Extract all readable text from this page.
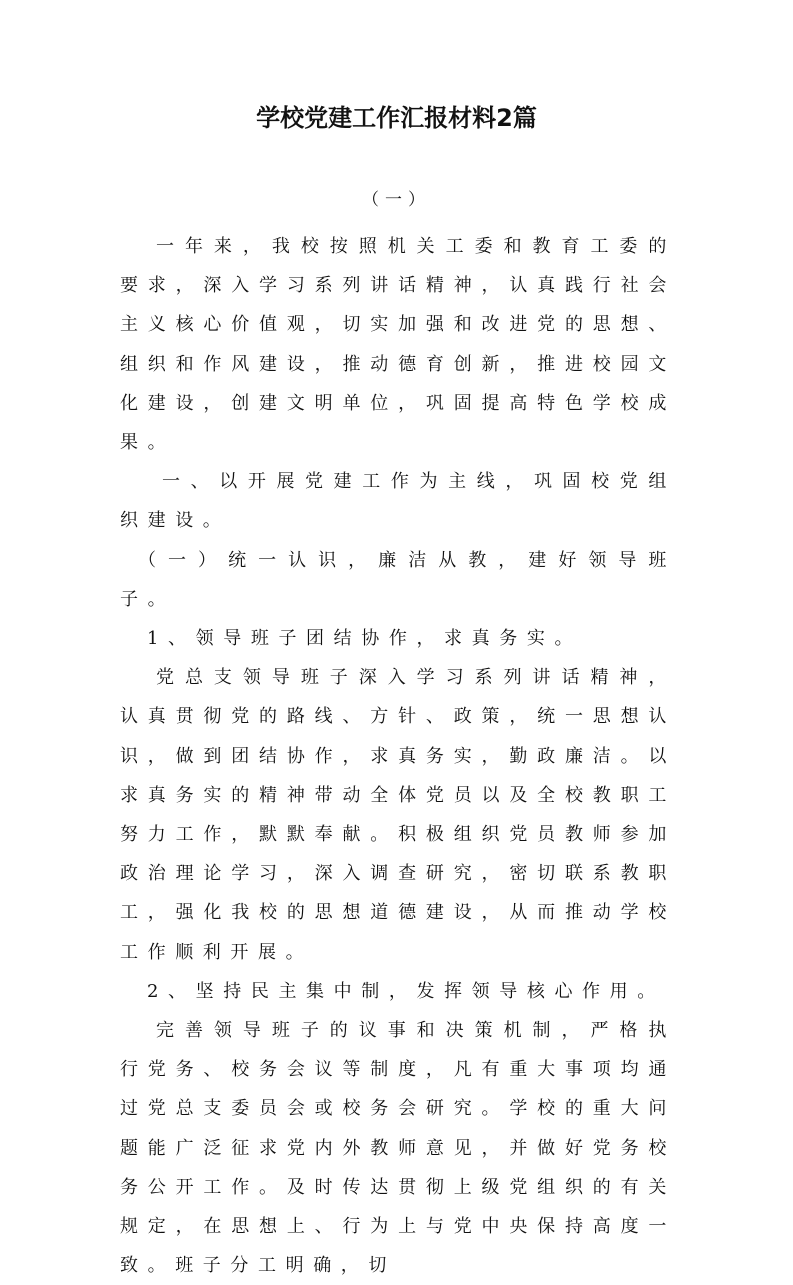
学校党建工作汇报材料2篇
（一）

一年来，我校按照机关工委和教育工委的要求，深入学习系列讲话精神，认真践行社会主义核心价值观，切实加强和改进党的思想、组织和作风建设，推动德育创新，推进校园文化建设，创建文明单位，巩固提高特色学校成果。

一、以开展党建工作为主线，巩固校党组织建设。

（一）统一认识，廉洁从教，建好领导班子。

1、领导班子团结协作，求真务实。

党总支领导班子深入学习系列讲话精神，认真贯彻党的路线、方针、政策，统一思想认识，做到团结协作，求真务实，勤政廉洁。以求真务实的精神带动全体党员以及全校教职工努力工作，默默奉献。积极组织党员教师参加政治理论学习，深入调查研究，密切联系教职工，强化我校的思想道德建设，从而推动学校工作顺利开展。

2、坚持民主集中制，发挥领导核心作用。

完善领导班子的议事和决策机制，严格执行党务、校务会议等制度，凡有重大事项均通过党总支委员会或校务会研究。学校的重大问题能广泛征求党内外教师意见，并做好党务校务公开工作。及时传达贯彻上级党组织的有关规定，在思想上、行为上与党中央保持高度一致。班子分工明确，切
